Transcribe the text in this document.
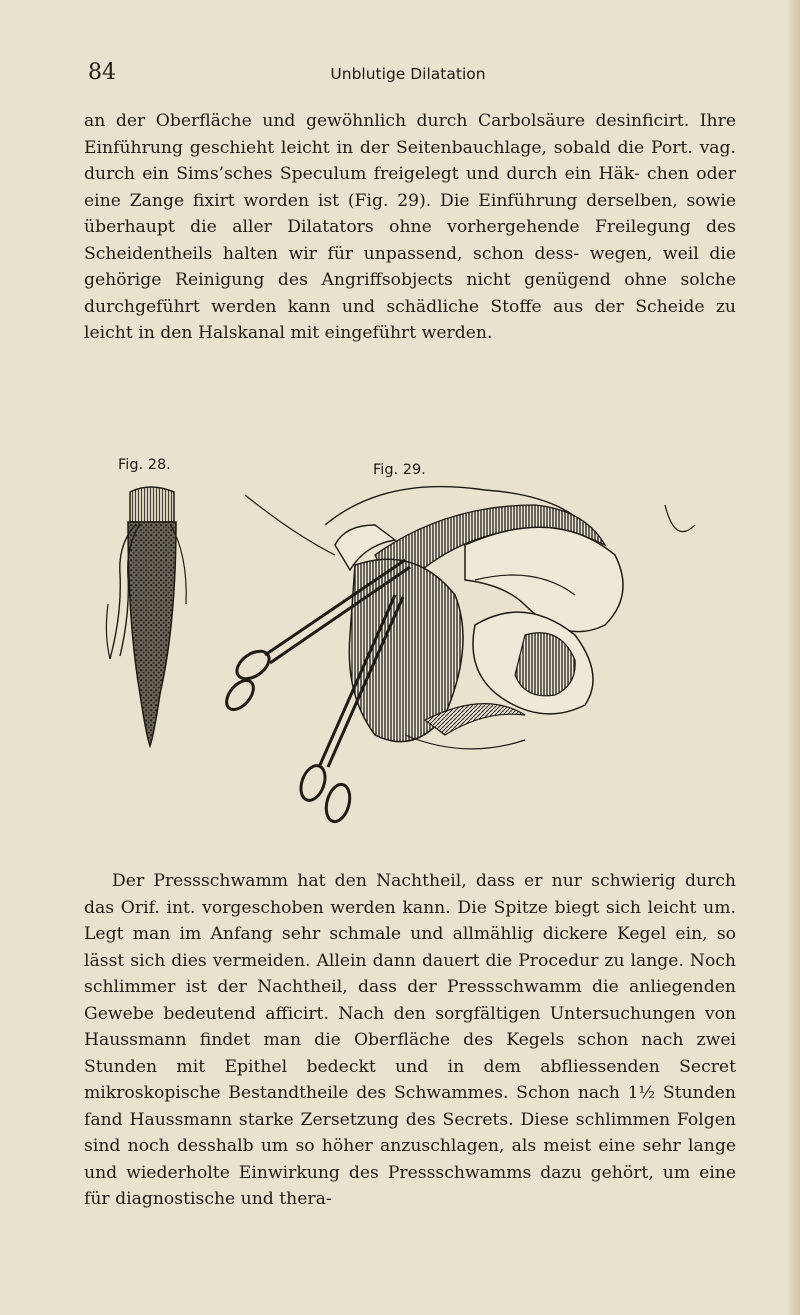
84	Unblutige Dilatation

an der Oberfläche und gewöhnlich durch Carbolsäure desinficirt. Ihre Einführung geschieht leicht in der Seitenbauchlage, sobald die Port. vag. durch ein Sims’sches Speculum freigelegt und durch ein Häk- chen oder eine Zange fixirt worden ist (Fig. 29). Die Einführung derselben, sowie überhaupt die aller Dilatators ohne vorhergehende Freilegung des Scheidentheils halten wir für unpassend, schon dess- wegen, weil die gehörige Reinigung des Angriffsobjects nicht genügend ohne solche durchgeführt werden kann und schädliche Stoffe aus der Scheide zu leicht in den Halskanal mit eingeführt werden.

Fig. 28.	Fig. 29.

Der Pressschwamm hat den Nachtheil, dass er nur schwierig durch das Orif. int. vorgeschoben werden kann. Die Spitze biegt sich leicht um. Legt man im Anfang sehr schmale und allmählig dickere Kegel ein, so lässt sich dies vermeiden. Allein dann dauert die Procedur zu lange. Noch schlimmer ist der Nachtheil, dass der Pressschwamm die anliegenden Gewebe bedeutend afficirt. Nach den sorgfältigen Untersuchungen von Haussmann findet man die Oberfläche des Kegels schon nach zwei Stunden mit Epithel bedeckt und in dem abfliessenden Secret mikroskopische Bestandtheile des Schwammes. Schon nach 1½ Stunden fand Haussmann starke Zersetzung des Secrets. Diese schlimmen Folgen sind noch desshalb um so höher anzuschlagen, als meist eine sehr lange und wiederholte Einwirkung des Pressschwamms dazu gehört, um eine für diagnostische und thera-
